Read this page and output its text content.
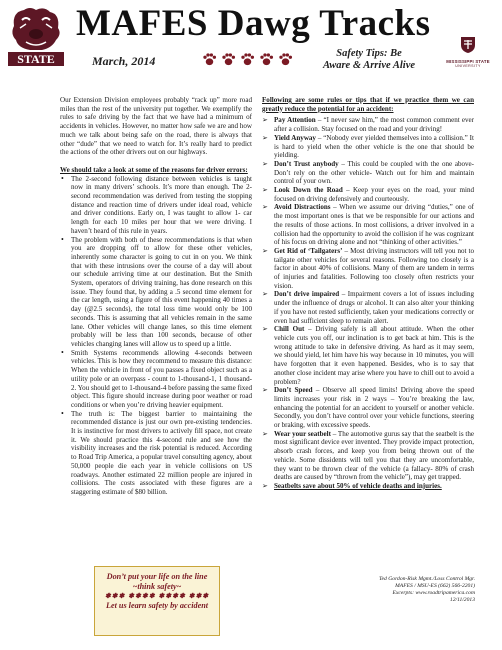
STATE
MAFES Dawg Tracks
March, 2014
Safety Tips: Be
Aware & Arrive Alive	MISSISSIPPI STATE
UNIVERSITY

Our Extension Division employees probably “rack up” more road miles than the rest of the university put together. We exemplify the rules to safe driving by the fact that we have had a minimum of accidents in vehicles. However, no matter how safe we are and how much we talk about being safe on the road, there is always that other “dude” that we need to watch for. It’s really hard to predict the actions of the other drivers out on our highways.

We should take a look at some of the reasons for driver errors:

• The 2-second following distance between vehicles is taught now in many drivers’ schools. It’s more than enough. The 2-second recommendation was derived from testing the stopping distance and reaction time of drivers under ideal road, vehicle and driver conditions. Early on, I was taught to allow 1- car length for each 10 miles per hour that we were driving. I haven’t heard of this rule in years.
• The problem with both of these recommendations is that when you are dropping off to allow for these other vehicles, inherently some character is going to cut in on you. We think that with these intrusions over the course of a day will about our schedule arriving time at our destination. But the Smith System, operators of driving training, has done research on this issue. They found that, by adding a .5 second time element for the car length, using a figure of this event happening 40 times a day (@2.5 seconds), the total loss time would only be 100 seconds. This is assuming that all vehicles remain in the same lane. Other vehicles will change lanes, so this time element probably will be less than 100 seconds, because of other vehicles changing lanes will allow us to speed up a little.
• Smith Systems recommends allowing 4-seconds between vehicles. This is how they recommend to measure this distance: When the vehicle in front of you passes a fixed object such as a utility pole or an overpass - count to 1-thousand-1, 1 thousand-2. You should get to 1-thousand-4 before passing the same fixed object. This figure should increase during poor weather or road conditions or when you’re driving heavier equipment.
• The truth is: The biggest barrier to maintaining the recommended distance is just our own pre-existing tendencies. It is instinctive for most drivers to actively fill space, not create it. We should practice this 4-second rule and see how the visibility increases and the risk potential is reduced. According to Road Trip America, a popular travel consulting agency, about 50,000 people die each year in vehicle collisions on US roadways. Another estimated 22 million people are injured in collisions. The costs associated with these figures are a staggering estimate of $80 billion.

Following are some rules or tips that if we practice them we can greatly reduce the potential for an accident:

➢ Pay Attention – “I never saw him,” the most common comment ever after a collision. Stay focused on the road and your driving!
➢ Yield Anyway – “Nobody ever yielded themselves into a collision.” It is hard to yield when the other vehicle is the one that should be yielding.
➢ Don’t Trust anybody – This could be coupled with the one above- Don’t rely on the other vehicle- Watch out for him and maintain control of your own.
➢ Look Down the Road – Keep your eyes on the road, your mind focused on driving defensively and courteously.
➢ Avoid Distractions – When we assume our driving “duties,” one of the most important ones is that we be responsible for our actions and the results of those actions. In most collisions, a driver involved in a collision had the opportunity to avoid the collision if he was cognizant of his focus on driving alone and not “thinking of other activities.”
➢ Get Rid of ‘Tailgaters’ – Most driving instructors will tell you not to tailgate other vehicles for several reasons. Following too closely is a factor in about 40% of collisions. Many of them are tandem in terms of injuries and fatalities. Following too closely often restricts your vision.
➢ Don’t drive impaired – Impairment covers a lot of issues including under the influence of drugs or alcohol. It can also alter your thinking if you have not rested sufficiently, taken your medications correctly or even had sufficient sleep to remain alert.
➢ Chill Out – Driving safely is all about attitude. When the other vehicle cuts you off, our inclination is to get back at him. This is the wrong attitude to take in defensive driving. As hard as it may seem, we should yield, let him have his way because in 10 minutes, you will have forgotten that it even happened. Besides, who is to say that another close incident may arise where you have to chill out to avoid a problem?
➢ Don’t Speed – Observe all speed limits! Driving above the speed limits increases your risk in 2 ways – You’re breaking the law, enhancing the potential for an accident to yourself or another vehicle. Secondly, you don’t have control over your vehicle functions, steering or braking, with excessive speeds.
➢ Wear your seatbelt – The automotive gurus say that the seatbelt is the most significant device ever invented. They provide impact protection, absorb crash forces, and keep you from being thrown out of the vehicle. Some dissidents will tell you that they are uncomfortable, they want to be thrown clear of the vehicle (a fallacy- 80% of crash deaths are caused by “thrown from the vehicle”), may get trapped.
➢ Seatbelts save about 50% of vehicle deaths and injuries.
Don’t put your life on the line
~think safety~
✽✽✽ ✽✽✽✽ ✽✽✽✽ ✽✽✽
Let us learn safety by accident
Ted Gordon-Risk Mgmt./Loss Control Mgr.
MAFES / MSU-ES (662) 566-2201)
Excerpts: www.roadtripamerica.com
12/11/2013
